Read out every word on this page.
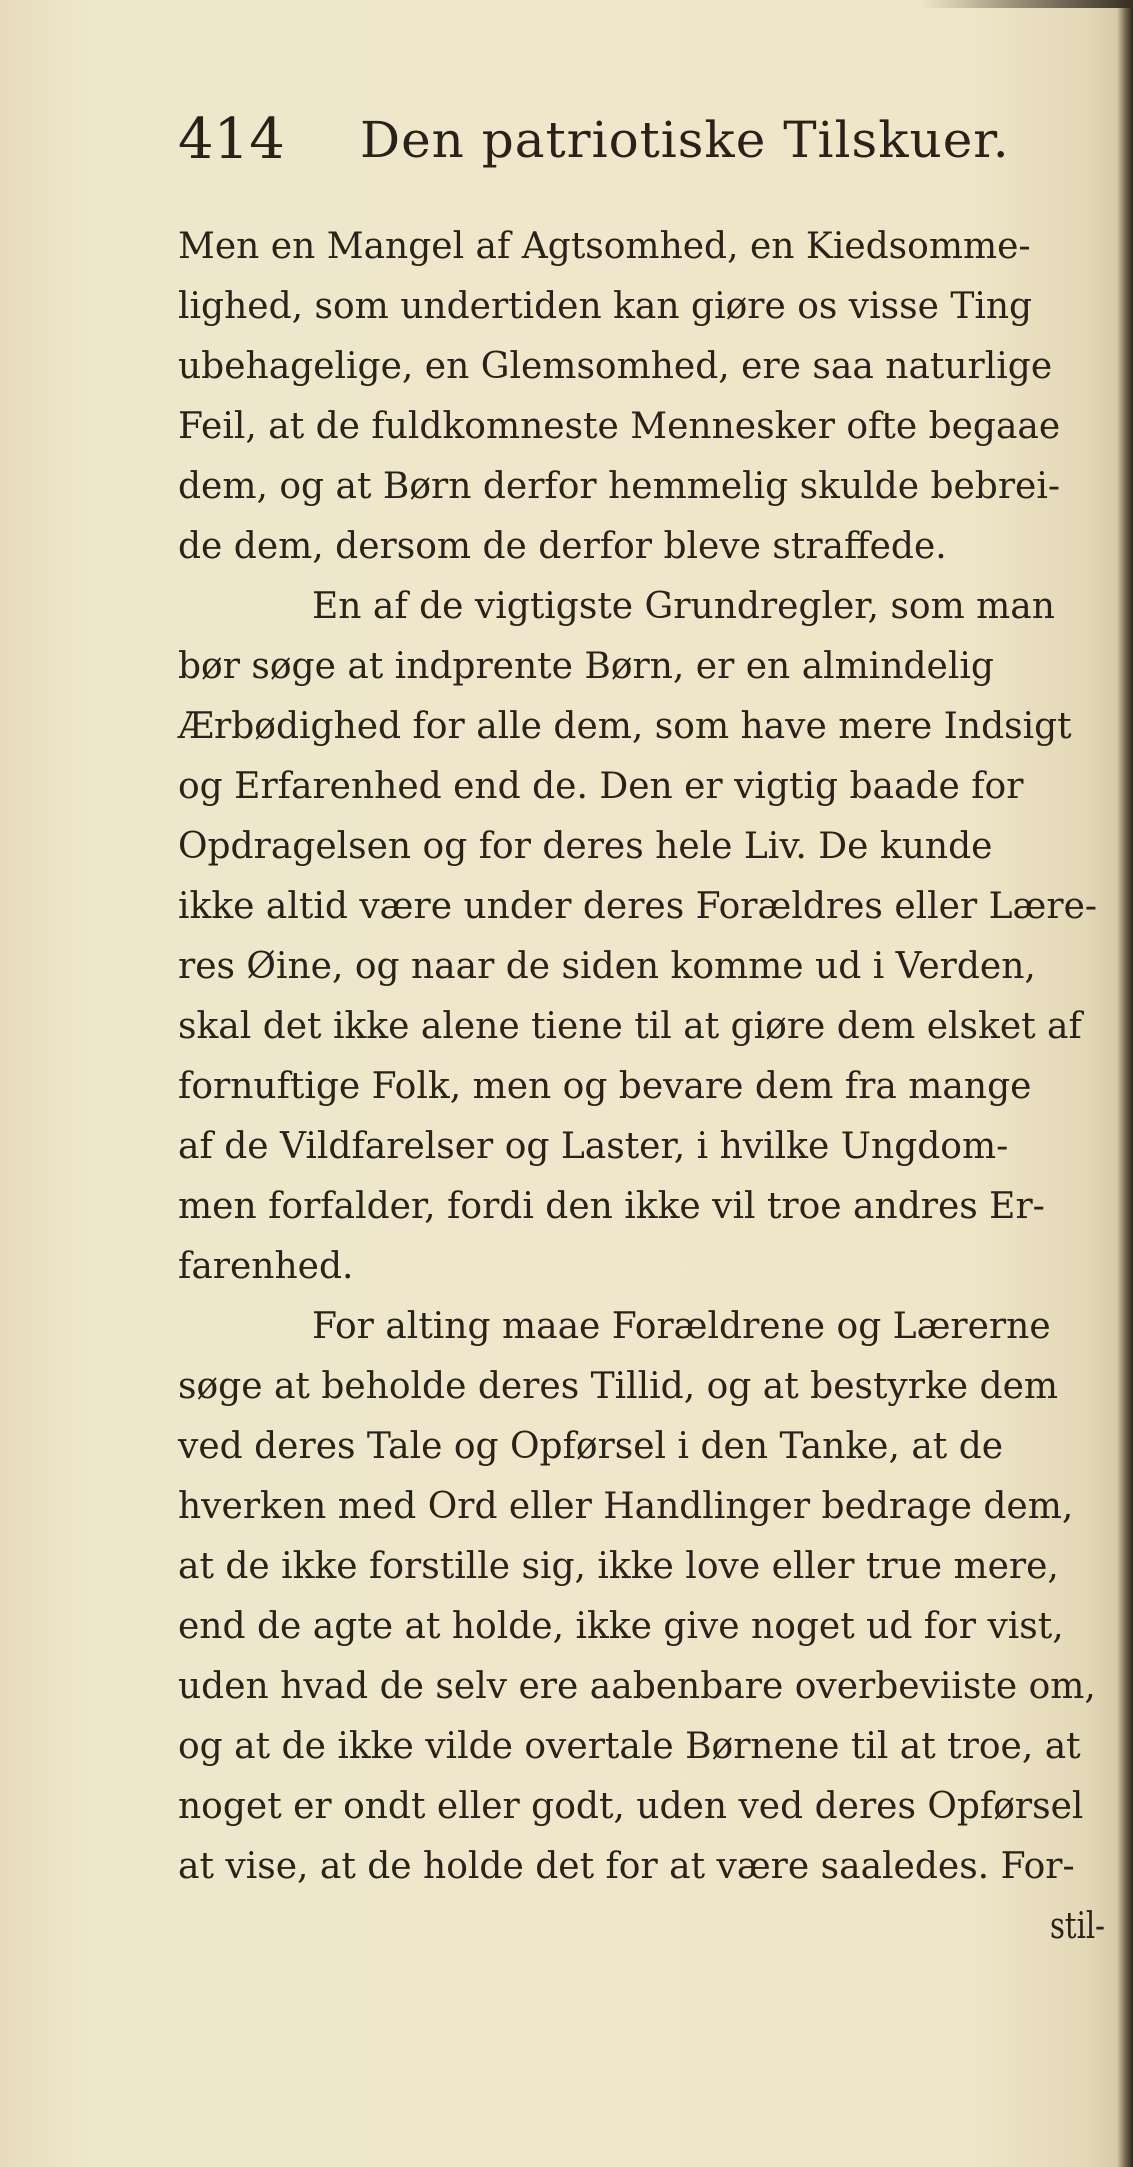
414 Den patriotiske Tilskuer.
Men en Mangel af Agtsomhed, en Kiedsomme-
lighed, som undertiden kan giøre os visse Ting
ubehagelige, en Glemsomhed, ere saa naturlige
Feil, at de fuldkomneste Mennesker ofte begaae
dem, og at Børn derfor hemmelig skulde bebrei-
de dem, dersom de derfor bleve straffede.
En af de vigtigste Grundregler, som man
bør søge at indprente Børn, er en almindelig
Ærbødighed for alle dem, som have mere Indsigt
og Erfarenhed end de. Den er vigtig baade for
Opdragelsen og for deres hele Liv. De kunde
ikke altid være under deres Forældres eller Lære-
res Øine, og naar de siden komme ud i Verden,
skal det ikke alene tiene til at giøre dem elsket af
fornuftige Folk, men og bevare dem fra mange
af de Vildfarelser og Laster, i hvilke Ungdom-
men forfalder, fordi den ikke vil troe andres Er-
farenhed.
For alting maae Forældrene og Lærerne
søge at beholde deres Tillid, og at bestyrke dem
ved deres Tale og Opførsel i den Tanke, at de
hverken med Ord eller Handlinger bedrage dem,
at de ikke forstille sig, ikke love eller true mere,
end de agte at holde, ikke give noget ud for vist,
uden hvad de selv ere aabenbare overbeviiste om,
og at de ikke vilde overtale Børnene til at troe, at
noget er ondt eller godt, uden ved deres Opførsel
at vise, at de holde det for at være saaledes. For-
stil-
